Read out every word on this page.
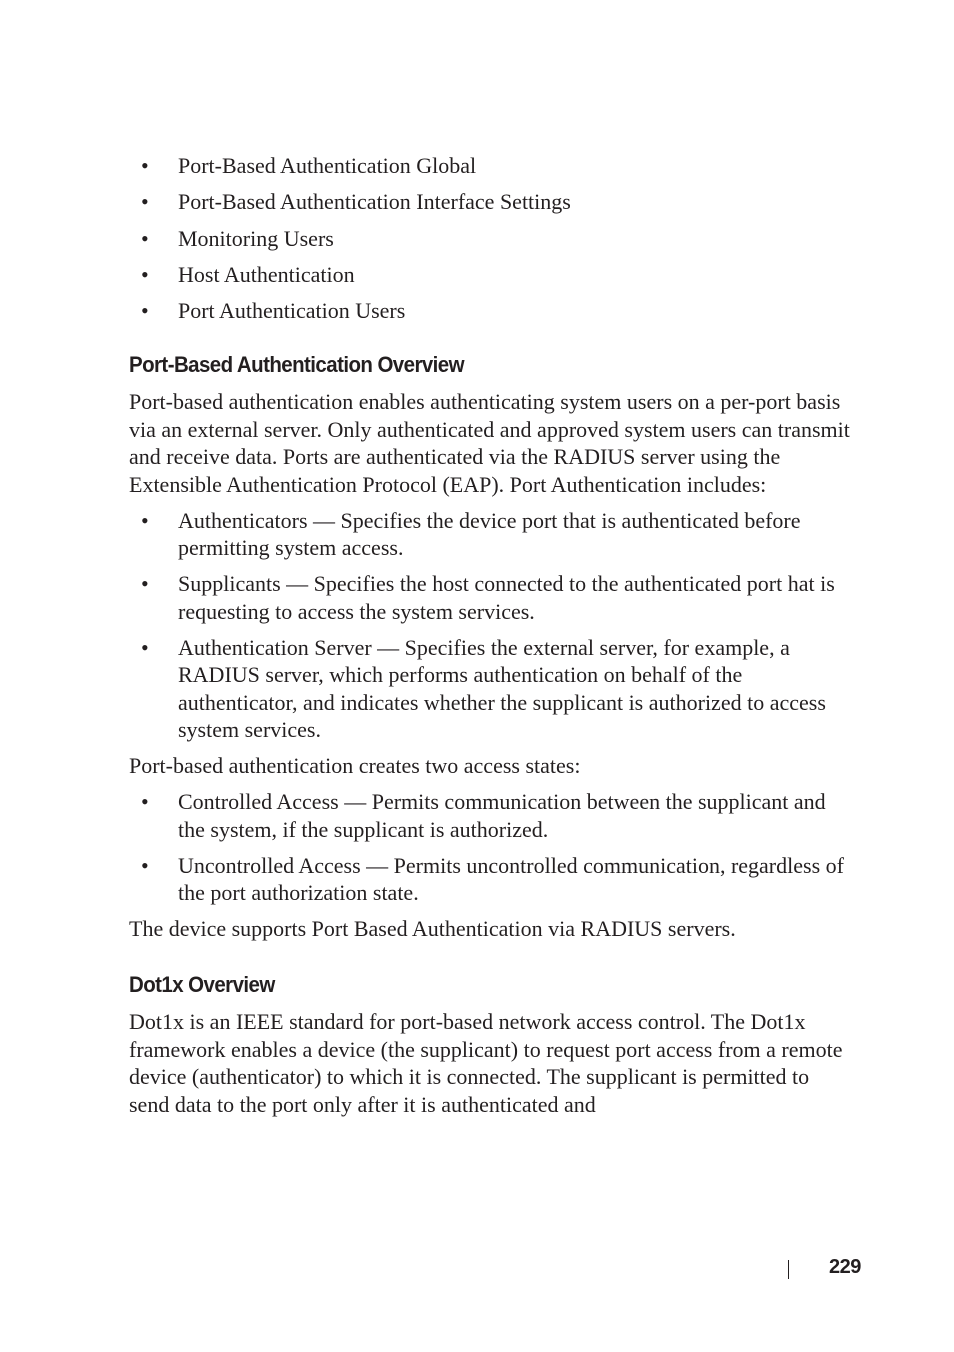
• Port-Based Authentication Global
• Port-Based Authentication Interface Settings
• Monitoring Users
• Host Authentication
• Port Authentication Users
Port-Based Authentication Overview

Port-based authentication enables authenticating system users on a per-port basis via an external server. Only authenticated and approved system users can transmit and receive data. Ports are authenticated via the RADIUS server using the Extensible Authentication Protocol (EAP). Port Authentication includes:

• Authenticators — Specifies the device port that is authenticated before permitting system access.
• Supplicants — Specifies the host connected to the authenticated port hat is requesting to access the system services.
• Authentication Server — Specifies the external server, for example, a RADIUS server, which performs authentication on behalf of the authenticator, and indicates whether the supplicant is authorized to access system services.

Port-based authentication creates two access states:

• Controlled Access — Permits communication between the supplicant and the system, if the supplicant is authorized.
• Uncontrolled Access — Permits uncontrolled communication, regardless of the port authorization state.

The device supports Port Based Authentication via RADIUS servers.

Dot1x Overview

Dot1x is an IEEE standard for port-based network access control. The Dot1x framework enables a device (the supplicant) to request port access from a remote device (authenticator) to which it is connected. The supplicant is permitted to send data to the port only after it is authenticated and

229
